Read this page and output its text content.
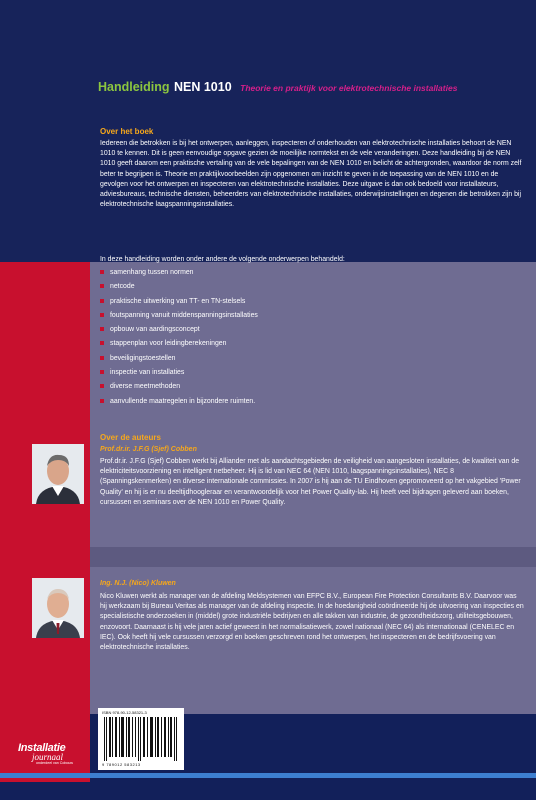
Handleiding NEN 1010 Theorie en praktijk voor elektrotechnische installaties
Over het boek
Iedereen die betrokken is bij het ontwerpen, aanleggen, inspecteren of onderhouden van elektrotechnische installaties behoort de NEN 1010 te kennen. Dit is geen eenvoudige opgave gezien de moeilijke normtekst en de vele veranderingen. Deze handleiding bij de NEN 1010 geeft daarom een praktische vertaling van de vele bepalingen van de NEN 1010 en belicht de achtergronden, waardoor de norm zelf beter te begrijpen is. Theorie en praktijkvoorbeelden zijn opgenomen om inzicht te geven in de toepassing van de NEN 1010 en de gevolgen voor het ontwerpen en inspecteren van elektrotechnische installaties. Deze uitgave is dan ook bedoeld voor installateurs, adviesbureaus, technische diensten, beheerders van elektrotechnische installaties, onderwijsinstellingen en degenen die betrokken zijn bij elektrotechnische laagspanningsinstallaties.
In deze handleiding worden onder andere de volgende onderwerpen behandeld:
samenhang tussen normen
netcode
praktische uitwerking van TT- en TN-stelsels
foutspanning vanuit middenspanningsinstallaties
opbouw van aardingsconcept
stappenplan voor leidingberekeningen
beveiligingstoestellen
inspectie van installaties
diverse meetmethoden
aanvullende maatregelen in bijzondere ruimten.
Over de auteurs
Prof.dr.ir. J.F.G (Sjef) Cobben
Prof.dr.ir. J.F.G (Sjef) Cobben werkt bij Alliander met als aandachtsgebieden de veiligheid van aangesloten installaties, de kwaliteit van de elektriciteitsvoorziening en intelligent netbeheer. Hij is lid van NEC 64 (NEN 1010, laagspanningsinstallaties), NEC 8 (Spanningskenmerken) en diverse internationale commissies. In 2007 is hij aan de TU Eindhoven gepromoveerd op het vakgebied 'Power Quality' en hij is er nu deeltijdhoogleraar en verantwoordelijk voor het Power Quality-lab. Hij heeft veel bijdragen geleverd aan boeken, cursussen en seminars over de NEN 1010 en Power Quality.
Ing. N.J. (Nico) Kluwen
Nico Kluwen werkt als manager van de afdeling Meldsystemen van EFPC B.V., European Fire Protection Consultants B.V. Daarvoor was hij werkzaam bij Bureau Veritas als manager van de afdeling inspectie. In de hoedanigheid coördineerde hij de uitvoering van inspecties en specialistische onderzoeken in (middel) grote industriële bedrijven en alle takken van industrie, de gezondheidszorg, utiliteitsgebouwen, enzovoort. Daarnaast is hij vele jaren actief geweest in het normalisatiewerk, zowel nationaal (NEC 64) als internationaal (CENELEC en IEC). Ook heeft hij vele cursussen verzorgd en boeken geschreven rond het ontwerpen, het inspecteren en de bedrijfsvoering van elektrotechnische installaties.
ISBN 978-90-12-58321-3
9 789012 583213
Installatie
journaal
onderdeel van Cobouw
